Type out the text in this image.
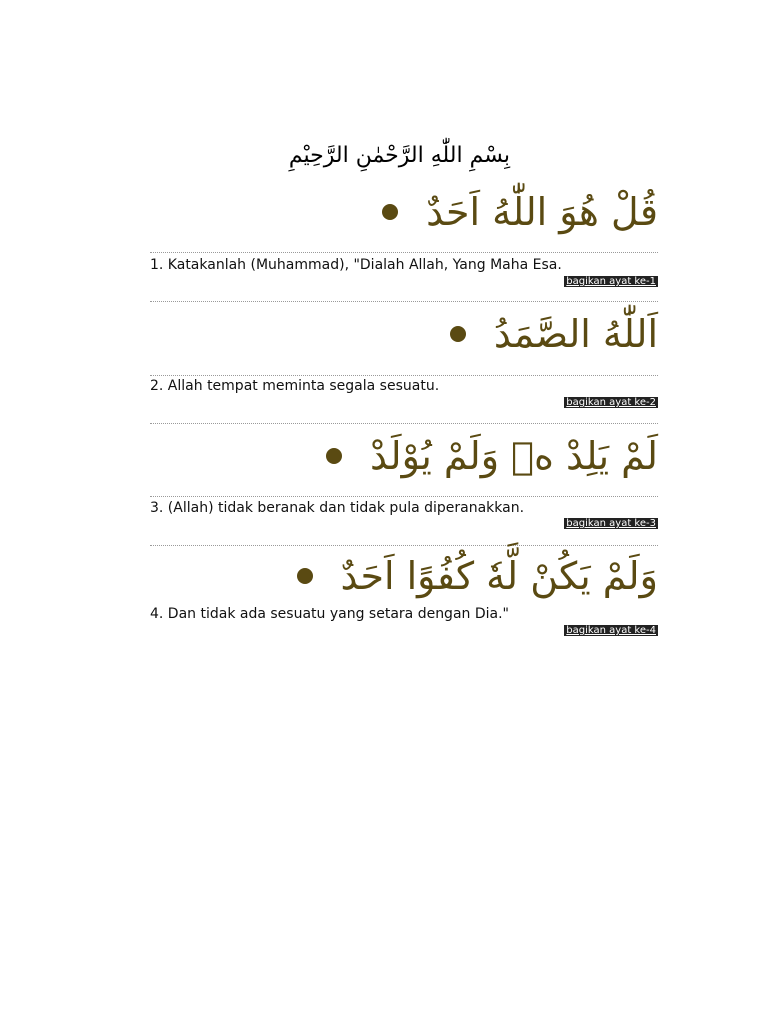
بِسْمِ اللّٰهِ الرَّحْمٰنِ الرَّحِيْمِ
قُلْ هُوَ اللّٰهُ اَحَدٌ
1. Katakanlah (Muhammad), "Dialah Allah, Yang Maha Esa.
bagikan ayat ke-1
اَللّٰهُ الصَّمَدُ
2. Allah tempat meminta segala sesuatu.
bagikan ayat ke-2
لَمْ يَلِدْ ەۙ وَلَمْ يُوْلَدْ
3. (Allah) tidak beranak dan tidak pula diperanakkan.
bagikan ayat ke-3
وَلَمْ يَكُنْ لَّهٗ كُفُوًا اَحَدٌ
4. Dan tidak ada sesuatu yang setara dengan Dia."
bagikan ayat ke-4
